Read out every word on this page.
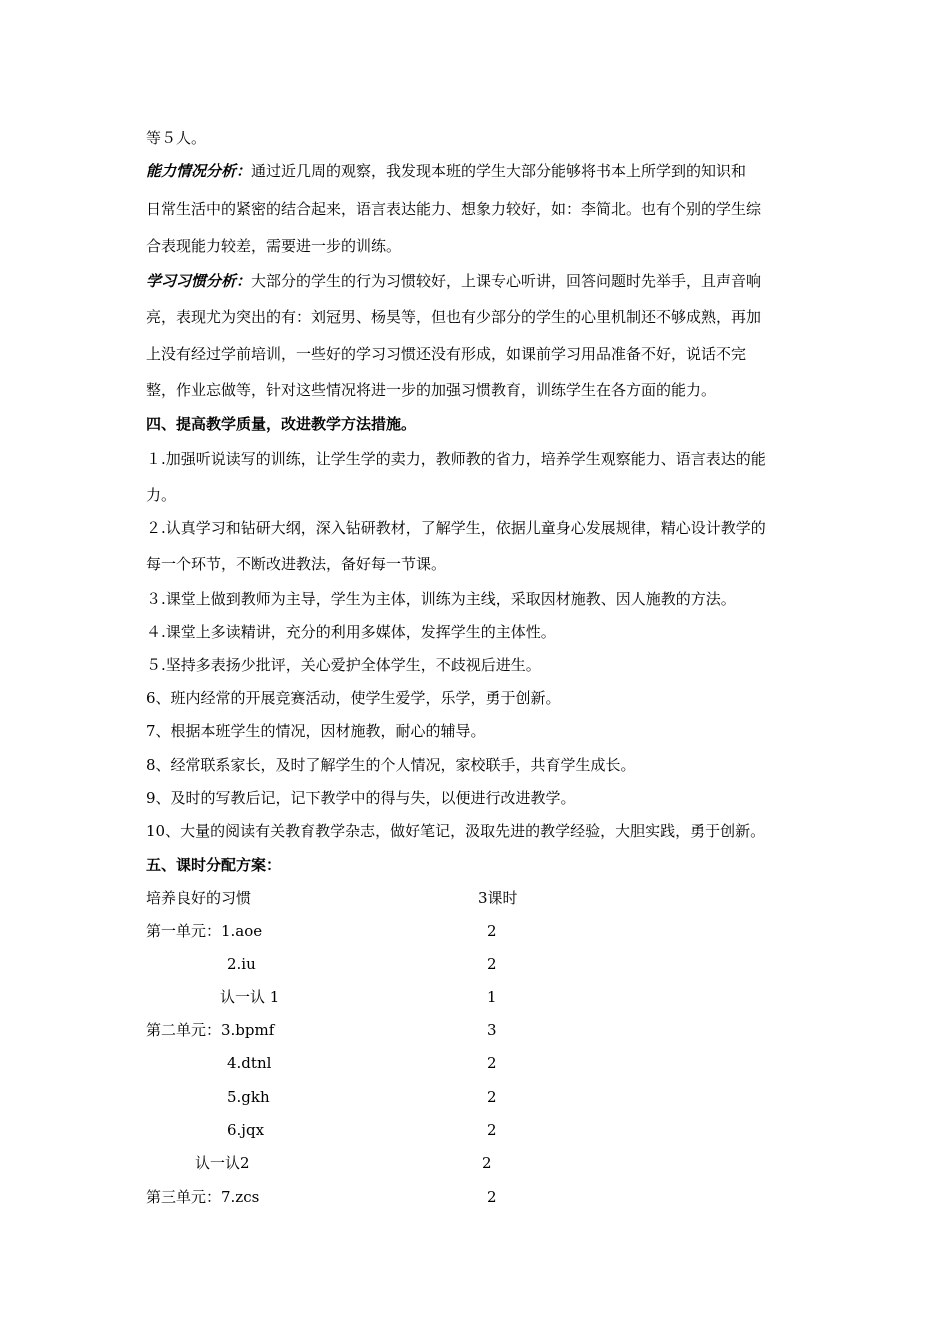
等５人。
能力情况分析：通过近几周的观察，我发现本班的学生大部分能够将书本上所学到的知识和
日常生活中的紧密的结合起来，语言表达能力、想象力较好，如：李简北。也有个别的学生综
合表现能力较差，需要进一步的训练。
学习习惯分析：大部分的学生的行为习惯较好，上课专心听讲，回答问题时先举手，且声音响
亮，表现尤为突出的有：刘冠男、杨昊等，但也有少部分的学生的心里机制还不够成熟，再加
上没有经过学前培训，一些好的学习习惯还没有形成，如课前学习用品准备不好，说话不完
整，作业忘做等，针对这些情况将进一步的加强习惯教育，训练学生在各方面的能力。
四、提高教学质量，改进教学方法措施。
１.加强听说读写的训练，让学生学的卖力，教师教的省力，培养学生观察能力、语言表达的能
力。
２.认真学习和钻研大纲，深入钻研教材，了解学生，依据儿童身心发展规律，精心设计教学的
每一个环节，不断改进教法，备好每一节课。
３.课堂上做到教师为主导，学生为主体，训练为主线，采取因材施教、因人施教的方法。
４.课堂上多读精讲，充分的利用多媒体，发挥学生的主体性。
５.坚持多表扬少批评，关心爱护全体学生，不歧视后进生。
6、班内经常的开展竞赛活动，使学生爱学，乐学，勇于创新。
7、根据本班学生的情况，因材施教，耐心的辅导。
8、经常联系家长，及时了解学生的个人情况，家校联手，共育学生成长。
9、及时的写教后记，记下教学中的得与失，以便进行改进教学。
10、大量的阅读有关教育教学杂志，做好笔记，汲取先进的教学经验，大胆实践，勇于创新。
五、课时分配方案：
培养良好的习惯	3课时
第一单元：1.aoe	2
2.iu	2
认一认 1	1
第二单元：3.bpmf	3
4.dtnl	2
5.gkh	2
6.jqx	2
认一认2	2
第三单元：7.zcs	2
